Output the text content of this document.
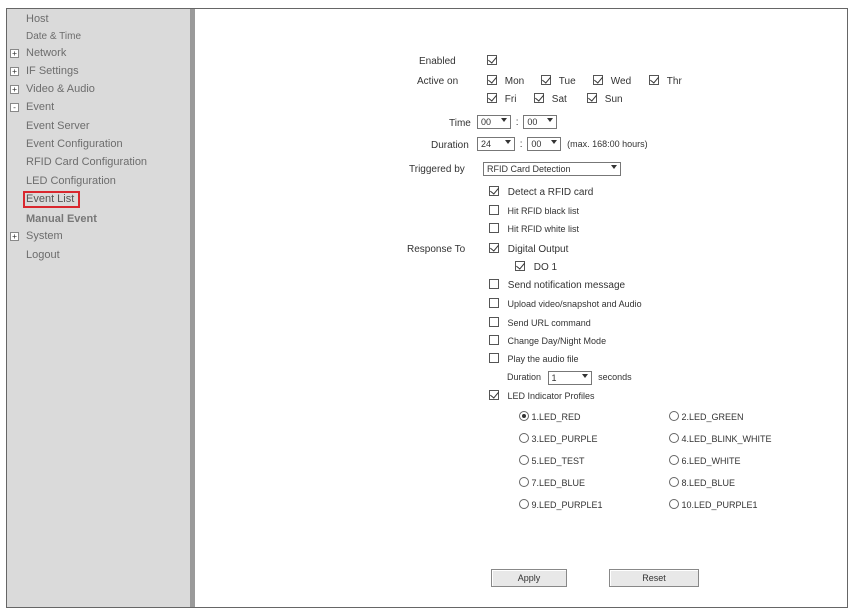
Host
Date & Time
+ Network
+ IF Settings
+ Video & Audio
- Event
Event Server
Event Configuration
RFID Card Configuration
LED Configuration
Event List
Manual Event
+ System
Logout
Enabled
Active on	Mon	Tue	Wed	Thr
Fri	Sat	Sun
Time	00 : 00
Duration	24	: 00	(max. 168:00 hours)
Triggered by	RFID Card Detection
Detect a RFID card
Hit RFID black list
Hit RFID white list
Response To	Digital Output
DO 1
Send notification message
Upload video/snapshot and Audio
Send URL command
Change Day/Night Mode
Play the audio file
Duration 1	seconds
LED Indicator Profiles
1.LED_RED	2.LED_GREEN
3.LED_PURPLE	4.LED_BLINK_WHITE
5.LED_TEST	6.LED_WHITE
7.LED_BLUE	8.LED_BLUE
9.LED_PURPLE1	10.LED_PURPLE1
Apply	Reset
